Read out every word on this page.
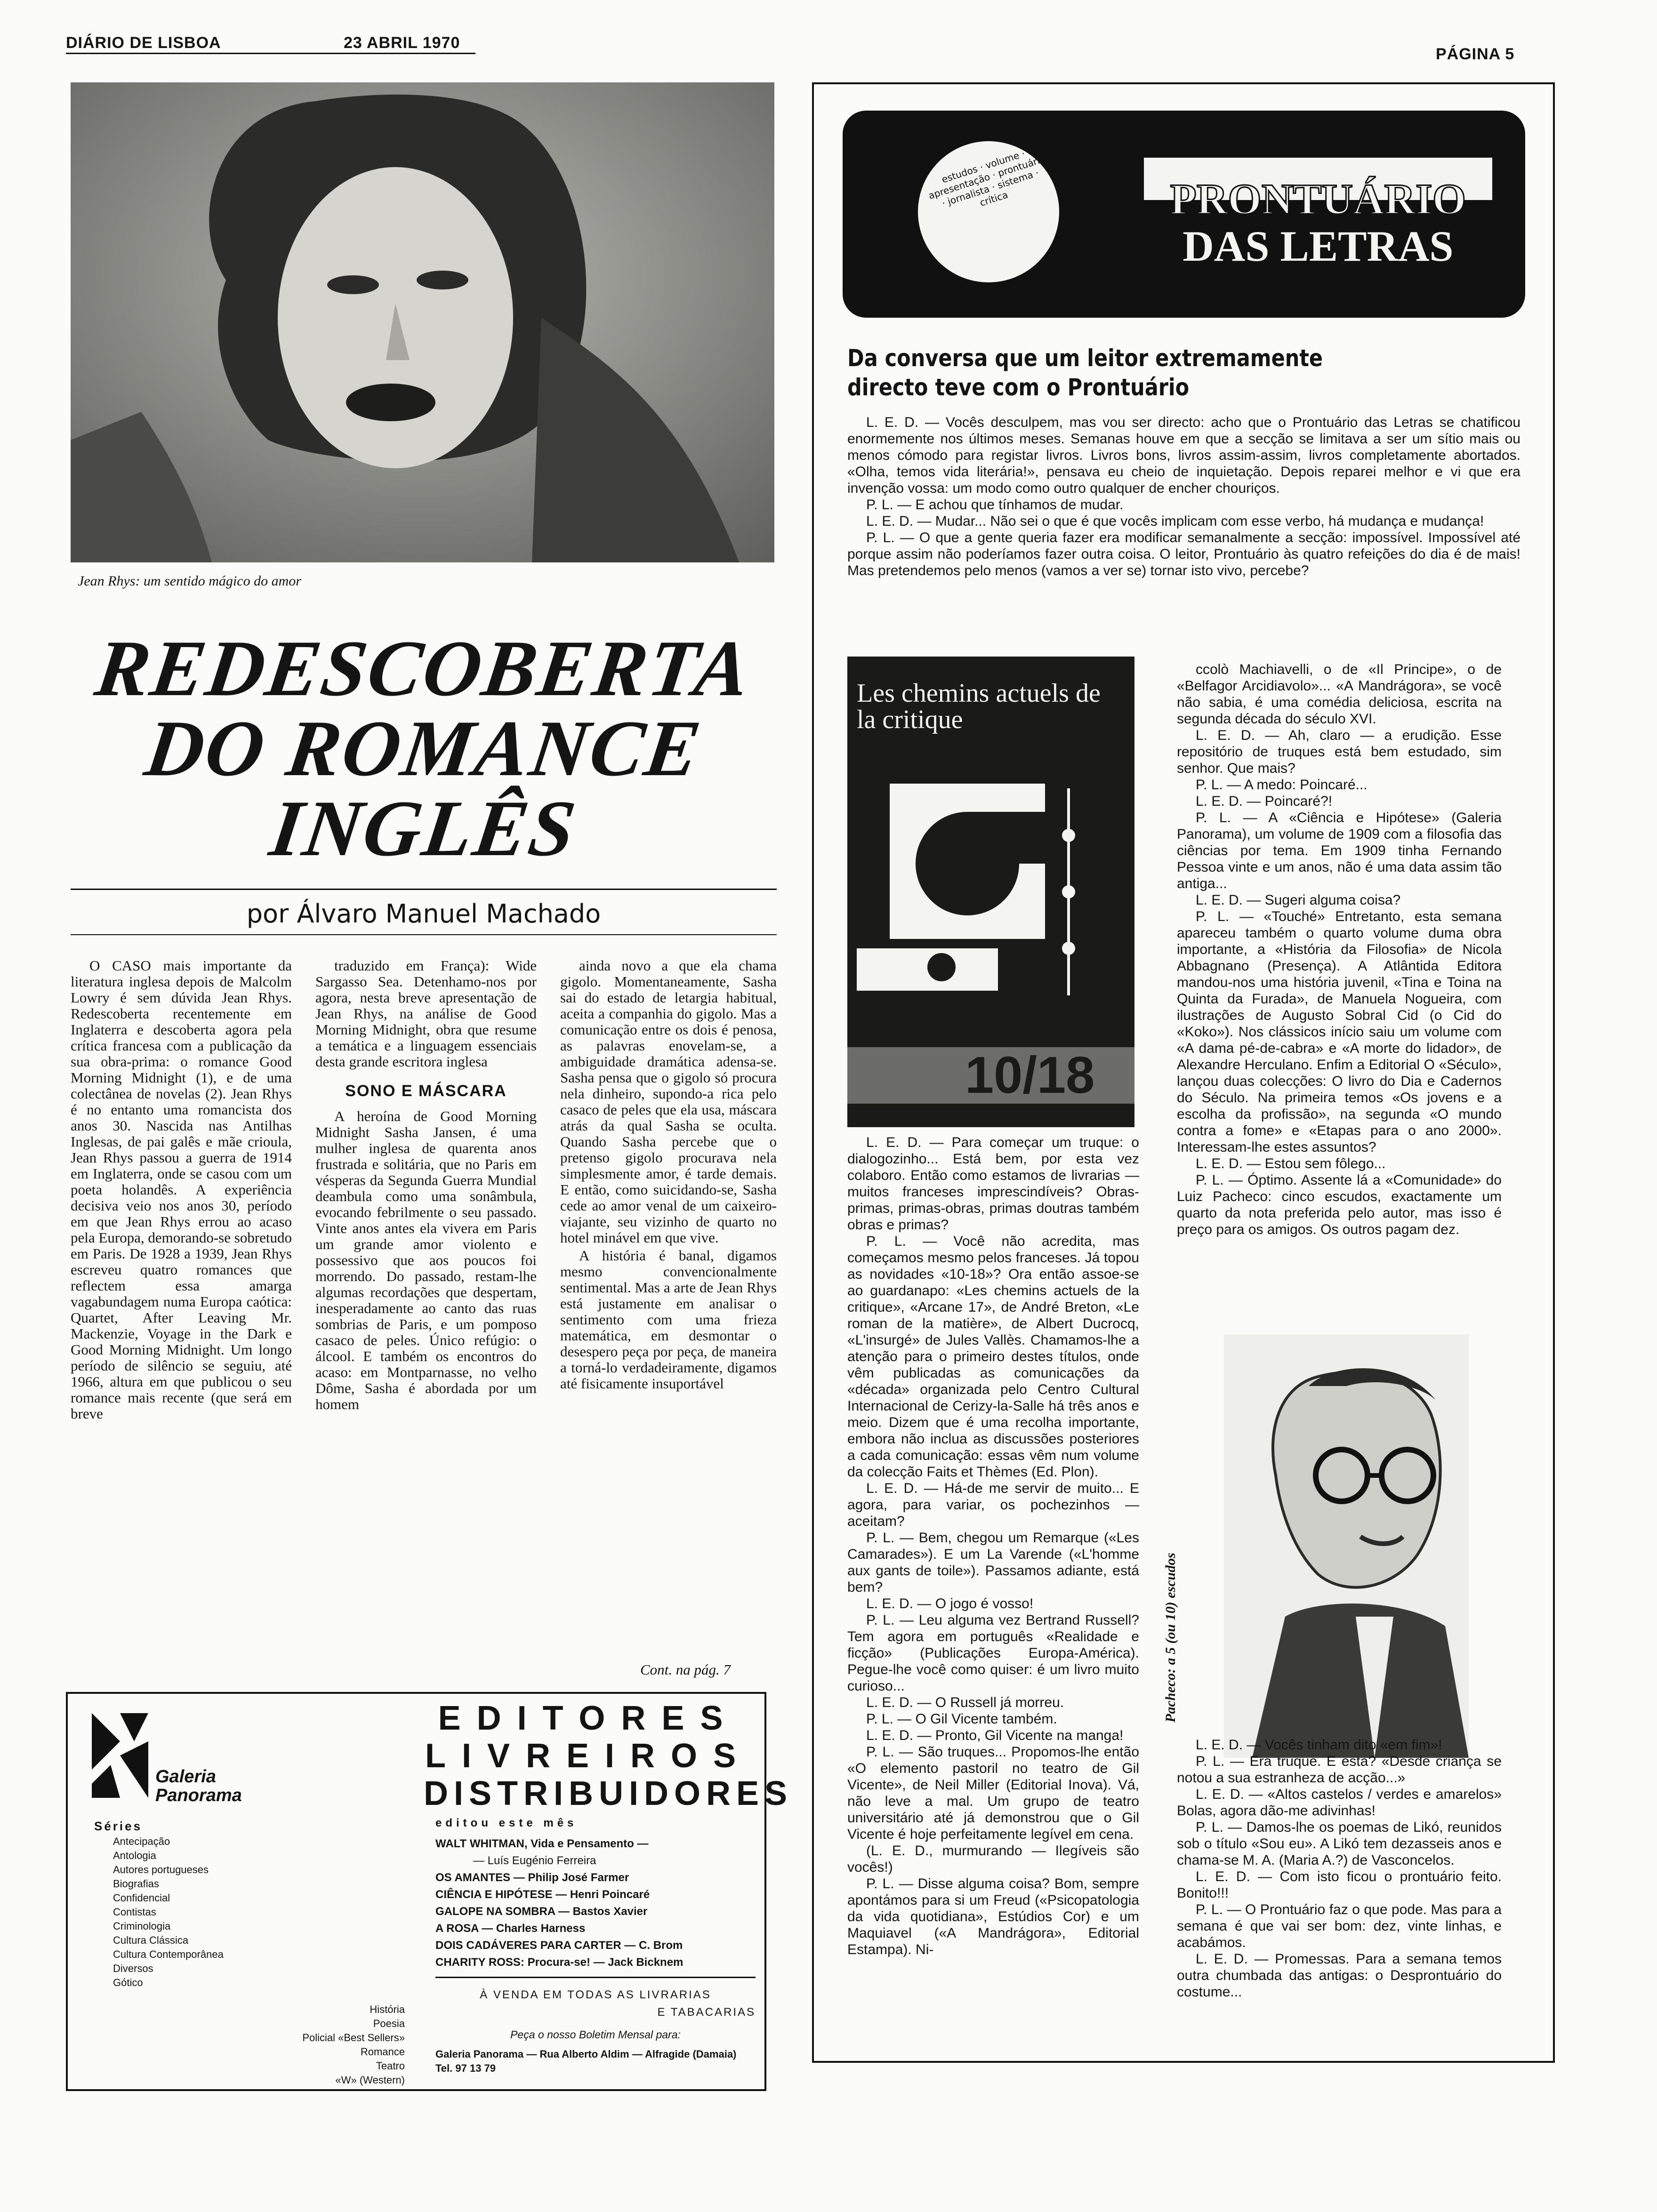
DIÁRIO DE LISBOA	23 ABRIL 1970
PÁGINA 5
Jean Rhys: um sentido mágico do amor
REDESCOBERTA
DO ROMANCE
INGLÊS
por Álvaro Manuel Machado

O CASO mais importante da literatura inglesa depois de Malcolm Lowry é sem dúvida Jean Rhys. Redescoberta recentemente em Inglaterra e descoberta agora pela crítica francesa com a publicação da sua obra-prima: o romance Good Morning Midnight (1), e de uma colectânea de novelas (2). Jean Rhys é no entanto uma romancista dos anos 30. Nascida nas Antilhas Inglesas, de pai galês e mãe crioula, Jean Rhys passou a guerra de 1914 em Inglaterra, onde se casou com um poeta holandês. A experiência decisiva veio nos anos 30, período em que Jean Rhys errou ao acaso pela Europa, demorando-se sobretudo em Paris. De 1928 a 1939, Jean Rhys escreveu quatro romances que reflectem essa amarga vagabundagem numa Europa caótica: Quartet, After Leaving Mr. Mackenzie, Voyage in the Dark e Good Morning Midnight. Um longo período de silêncio se seguiu, até 1966, altura em que publicou o seu romance mais recente (que será em breve

traduzido em França): Wide Sargasso Sea. Detenhamo-nos por agora, nesta breve apresentação de Jean Rhys, na análise de Good Morning Midnight, obra que resume a temática e a linguagem essenciais desta grande escritora inglesa

SONO E MÁSCARA

A heroína de Good Morning Midnight Sasha Jansen, é uma mulher inglesa de quarenta anos frustrada e solitária, que no Paris em vésperas da Segunda Guerra Mundial deambula como uma sonâmbula, evocando febrilmente o seu passado. Vinte anos antes ela vivera em Paris um grande amor violento e possessivo que aos poucos foi morrendo. Do passado, restam-lhe algumas recordações que despertam, inesperadamente ao canto das ruas sombrias de Paris, e um pomposo casaco de peles. Único refúgio: o álcool. E também os encontros do acaso: em Montparnasse, no velho Dôme, Sasha é abordada por um homem

ainda novo a que ela chama gigolo. Momentaneamente, Sasha sai do estado de letargia habitual, aceita a companhia do gigolo. Mas a comunicação entre os dois é penosa, as palavras enovelam-se, a ambiguidade dramática adensa-se. Sasha pensa que o gigolo só procura nela dinheiro, supondo-a rica pelo casaco de peles que ela usa, máscara atrás da qual Sasha se oculta. Quando Sasha percebe que o pretenso gigolo procurava nela simplesmente amor, é tarde demais. E então, como suicidando-se, Sasha cede ao amor venal de um caixeiro-viajante, seu vizinho de quarto no hotel minável em que vive.

A história é banal, digamos mesmo convencionalmente sentimental. Mas a arte de Jean Rhys está justamente em analisar o sentimento com uma frieza matemática, em desmontar o desespero peça por peça, de maneira a torná-lo verdadeiramente, digamos até fisicamente insuportável

Cont. na pág. 7
Galeria
Panorama
Séries
Antecipação
Antologia
Autores portugueses
Biografias
Confidencial
Contistas
Criminologia
Cultura Clássica
Cultura Contemporânea
Diversos
Gótico
História
Poesia
Policial «Best Sellers»
Romance
Teatro
«W» (Western)
EDITORES
LIVREIROS
DISTRIBUIDORES
editou este mês
WALT WHITMAN, Vida e Pensamento —
— Luís Eugénio Ferreira
OS AMANTES — Philip José Farmer
CIÊNCIA E HIPÓTESE — Henri Poincaré
GALOPE NA SOMBRA — Bastos Xavier
A ROSA — Charles Harness
DOIS CADÁVERES PARA CARTER — C. Brom
CHARITY ROSS: Procura-se! — Jack Bicknem
À VENDA EM TODAS AS LIVRARIAS
E TABACARIAS
Peça o nosso Boletim Mensal para:
Galeria Panorama — Rua Alberto Aldim — Alfragide (Damaia) Tel. 97 13 79
estudos · volume · apresentação · prontuário · jornalista · sistema · crítica	PRONTUÁRIO
DAS LETRAS
Da conversa que um leitor extremamente directo teve com o Prontuário

L. E. D. — Vocês desculpem, mas vou ser directo: acho que o Prontuário das Letras se chatificou enormemente nos últimos meses. Semanas houve em que a secção se limitava a ser um sítio mais ou menos cómodo para registar livros. Livros bons, livros assim-assim, livros completamente abortados. «Olha, temos vida literária!», pensava eu cheio de inquietação. Depois reparei melhor e vi que era invenção vossa: um modo como outro qualquer de encher chouriços.

P. L. — E achou que tínhamos de mudar.

L. E. D. — Mudar... Não sei o que é que vocês implicam com esse verbo, há mudança e mudança!

P. L. — O que a gente queria fazer era modificar semanalmente a secção: impossível. Impossível até porque assim não poderíamos fazer outra coisa. O leitor, Prontuário às quatro refeições do dia é de mais! Mas pretendemos pelo menos (vamos a ver se) tornar isto vivo, percebe?

Les chemins actuels de la critique
10/18

L. E. D. — Para começar um truque: o dialogozinho... Está bem, por esta vez colaboro. Então como estamos de livrarias — muitos franceses imprescindíveis? Obras-primas, primas-obras, primas doutras também obras e primas?

P. L. — Você não acredita, mas começamos mesmo pelos franceses. Já topou as novidades «10-18»? Ora então assoe-se ao guardanapo: «Les chemins actuels de la critique», «Arcane 17», de André Breton, «Le roman de la matière», de Albert Ducrocq, «L'insurgé» de Jules Vallès. Chamamos-lhe a atenção para o primeiro destes títulos, onde vêm publicadas as comunicações da «década» organizada pelo Centro Cultural Internacional de Cerizy-la-Salle há três anos e meio. Dizem que é uma recolha importante, embora não inclua as discussões posteriores a cada comunicação: essas vêm num volume da colecção Faits et Thèmes (Ed. Plon).

L. E. D. — Há-de me servir de muito... E agora, para variar, os pochezinhos — aceitam?

P. L. — Bem, chegou um Remarque («Les Camarades»). E um La Varende («L'homme aux gants de toile»). Passamos adiante, está bem?

L. E. D. — O jogo é vosso!

P. L. — Leu alguma vez Bertrand Russell? Tem agora em português «Realidade e ficção» (Publicações Europa-América). Pegue-lhe você como quiser: é um livro muito curioso...

L. E. D. — O Russell já morreu.

P. L. — O Gil Vicente também.

L. E. D. — Pronto, Gil Vicente na manga!

P. L. — São truques... Propomos-lhe então «O elemento pastoril no teatro de Gil Vicente», de Neil Miller (Editorial Inova). Vá, não leve a mal. Um grupo de teatro universitário até já demonstrou que o Gil Vicente é hoje perfeitamente legível em cena.

(L. E. D., murmurando — Ilegíveis são vocês!)

P. L. — Disse alguma coisa? Bom, sempre apontámos para si um Freud («Psicopatologia da vida quotidiana», Estúdios Cor) e um Maquiavel («A Mandrágora», Editorial Estampa). Ni-

ccolò Machiavelli, o de «Il Principe», o de «Belfagor Arcidiavolo»... «A Mandrágora», se você não sabia, é uma comédia deliciosa, escrita na segunda década do século XVI.

L. E. D. — Ah, claro — a erudição. Esse repositório de truques está bem estudado, sim senhor. Que mais?

P. L. — A medo: Poincaré...

L. E. D. — Poincaré?!

P. L. — A «Ciência e Hipótese» (Galeria Panorama), um volume de 1909 com a filosofia das ciências por tema. Em 1909 tinha Fernando Pessoa vinte e um anos, não é uma data assim tão antiga...

L. E. D. — Sugeri alguma coisa?

P. L. — «Touché» Entretanto, esta semana apareceu também o quarto volume duma obra importante, a «História da Filosofia» de Nicola Abbagnano (Presença). A Atlântida Editora mandou-nos uma história juvenil, «Tina e Toina na Quinta da Furada», de Manuela Nogueira, com ilustrações de Augusto Sobral Cid (o Cid do «Koko»). Nos clássicos início saiu um volume com «A dama pé-de-cabra» e «A morte do lidador», de Alexandre Herculano. Enfim a Editorial O «Século», lançou duas colecções: O livro do Dia e Cadernos do Século. Na primeira temos «Os jovens e a escolha da profissão», na segunda «O mundo contra a fome» e «Etapas para o ano 2000». Interessam-lhe estes assuntos?

L. E. D. — Estou sem fôlego...

P. L. — Óptimo. Assente lá a «Comunidade» do Luiz Pacheco: cinco escudos, exactamente um quarto da nota preferida pelo autor, mas isso é preço para os amigos. Os outros pagam dez.

Pacheco: a 5 (ou 10) escudos

L. E. D. — Vocês tinham dito «em fim»!

P. L. — Era truque. E esta? «Desde criança se notou a sua estranheza de acção...»

L. E. D. — «Altos castelos / verdes e amarelos» Bolas, agora dão-me adivinhas!

P. L. — Damos-lhe os poemas de Likó, reunidos sob o título «Sou eu». A Likó tem dezasseis anos e chama-se M. A. (Maria A.?) de Vasconcelos.

L. E. D. — Com isto ficou o prontuário feito. Bonito!!!

P. L. — O Prontuário faz o que pode. Mas para a semana é que vai ser bom: dez, vinte linhas, e acabámos.

L. E. D. — Promessas. Para a semana temos outra chumbada das antigas: o Desprontuário do costume...
